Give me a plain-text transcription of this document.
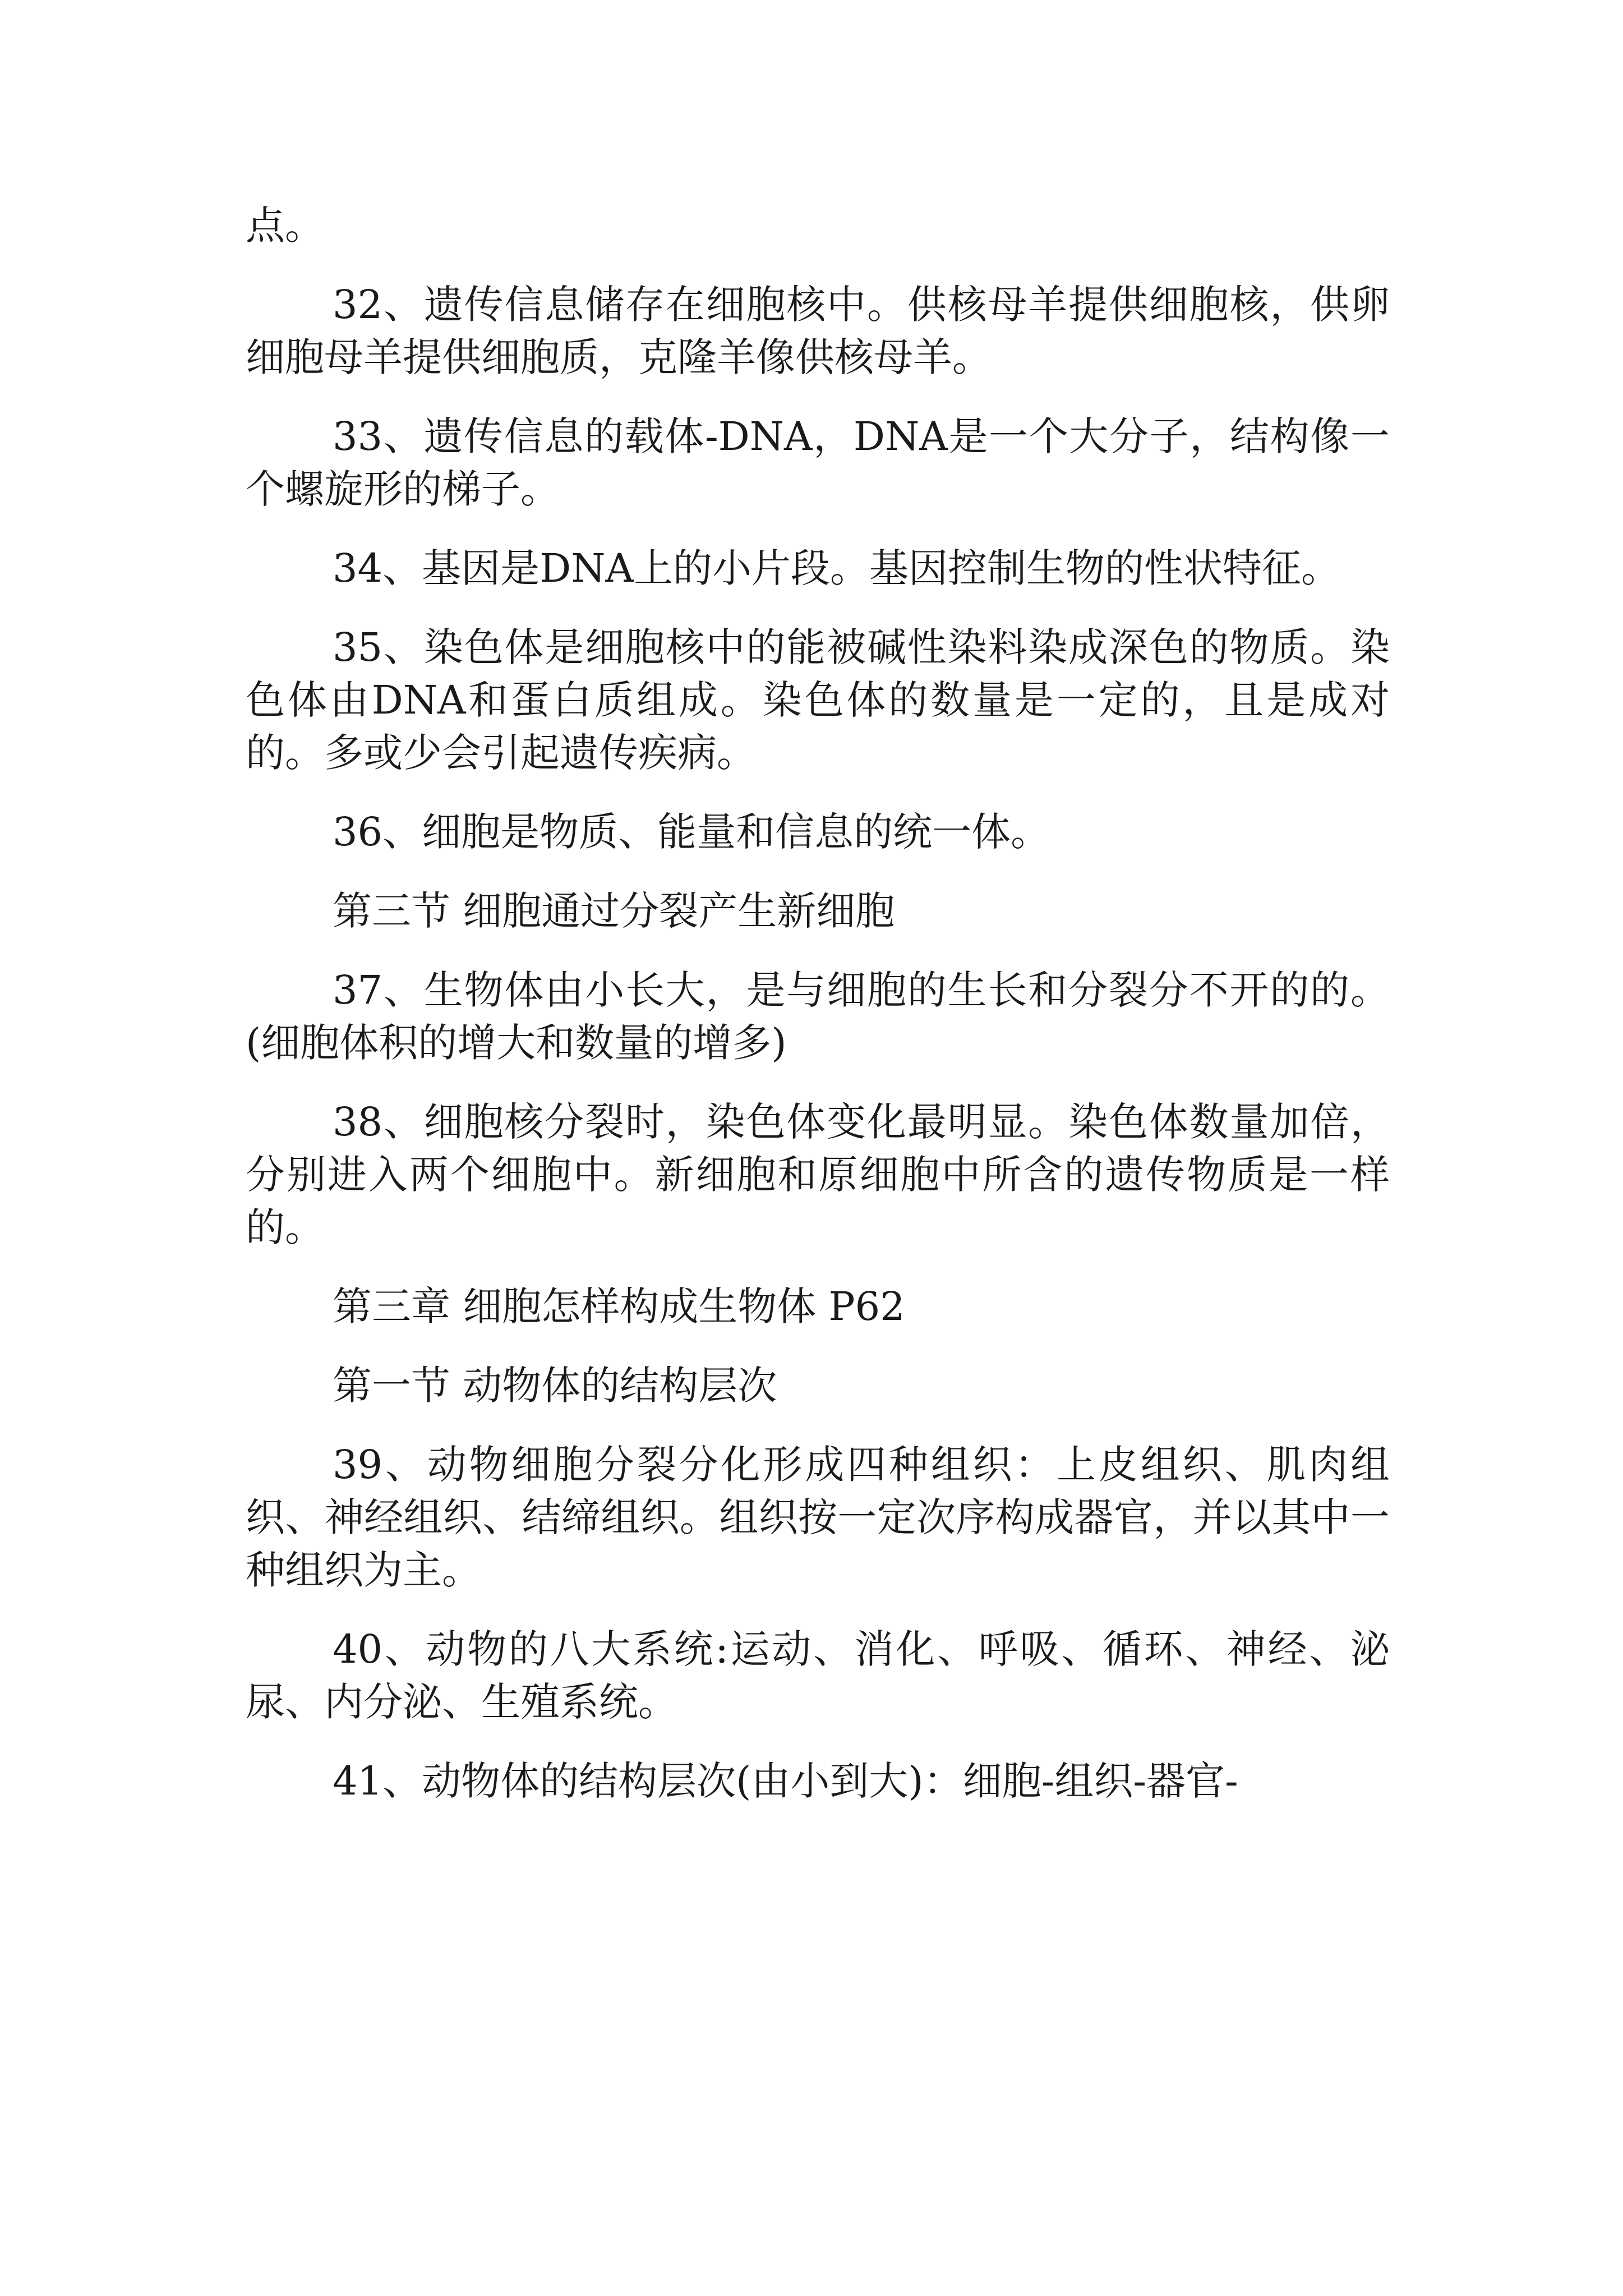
点。

32、遗传信息储存在细胞核中。供核母羊提供细胞核，供卵细胞母羊提供细胞质，克隆羊像供核母羊。

33、遗传信息的载体-DNA，DNA是一个大分子，结构像一个螺旋形的梯子。

34、基因是DNA上的小片段。基因控制生物的性状特征。

35、染色体是细胞核中的能被碱性染料染成深色的物质。染色体由DNA和蛋白质组成。染色体的数量是一定的，且是成对的。多或少会引起遗传疾病。

36、细胞是物质、能量和信息的统一体。

第三节 细胞通过分裂产生新细胞

37、生物体由小长大，是与细胞的生长和分裂分不开的的。(细胞体积的增大和数量的增多)

38、细胞核分裂时，染色体变化最明显。染色体数量加倍，分别进入两个细胞中。新细胞和原细胞中所含的遗传物质是一样的。

第三章 细胞怎样构成生物体 P62

第一节 动物体的结构层次

39、动物细胞分裂分化形成四种组织：上皮组织、肌肉组织、神经组织、结缔组织。组织按一定次序构成器官，并以其中一种组织为主。

40、动物的八大系统:运动、消化、呼吸、循环、神经、泌尿、内分泌、生殖系统。

41、动物体的结构层次(由小到大)：细胞-组织-器官-
